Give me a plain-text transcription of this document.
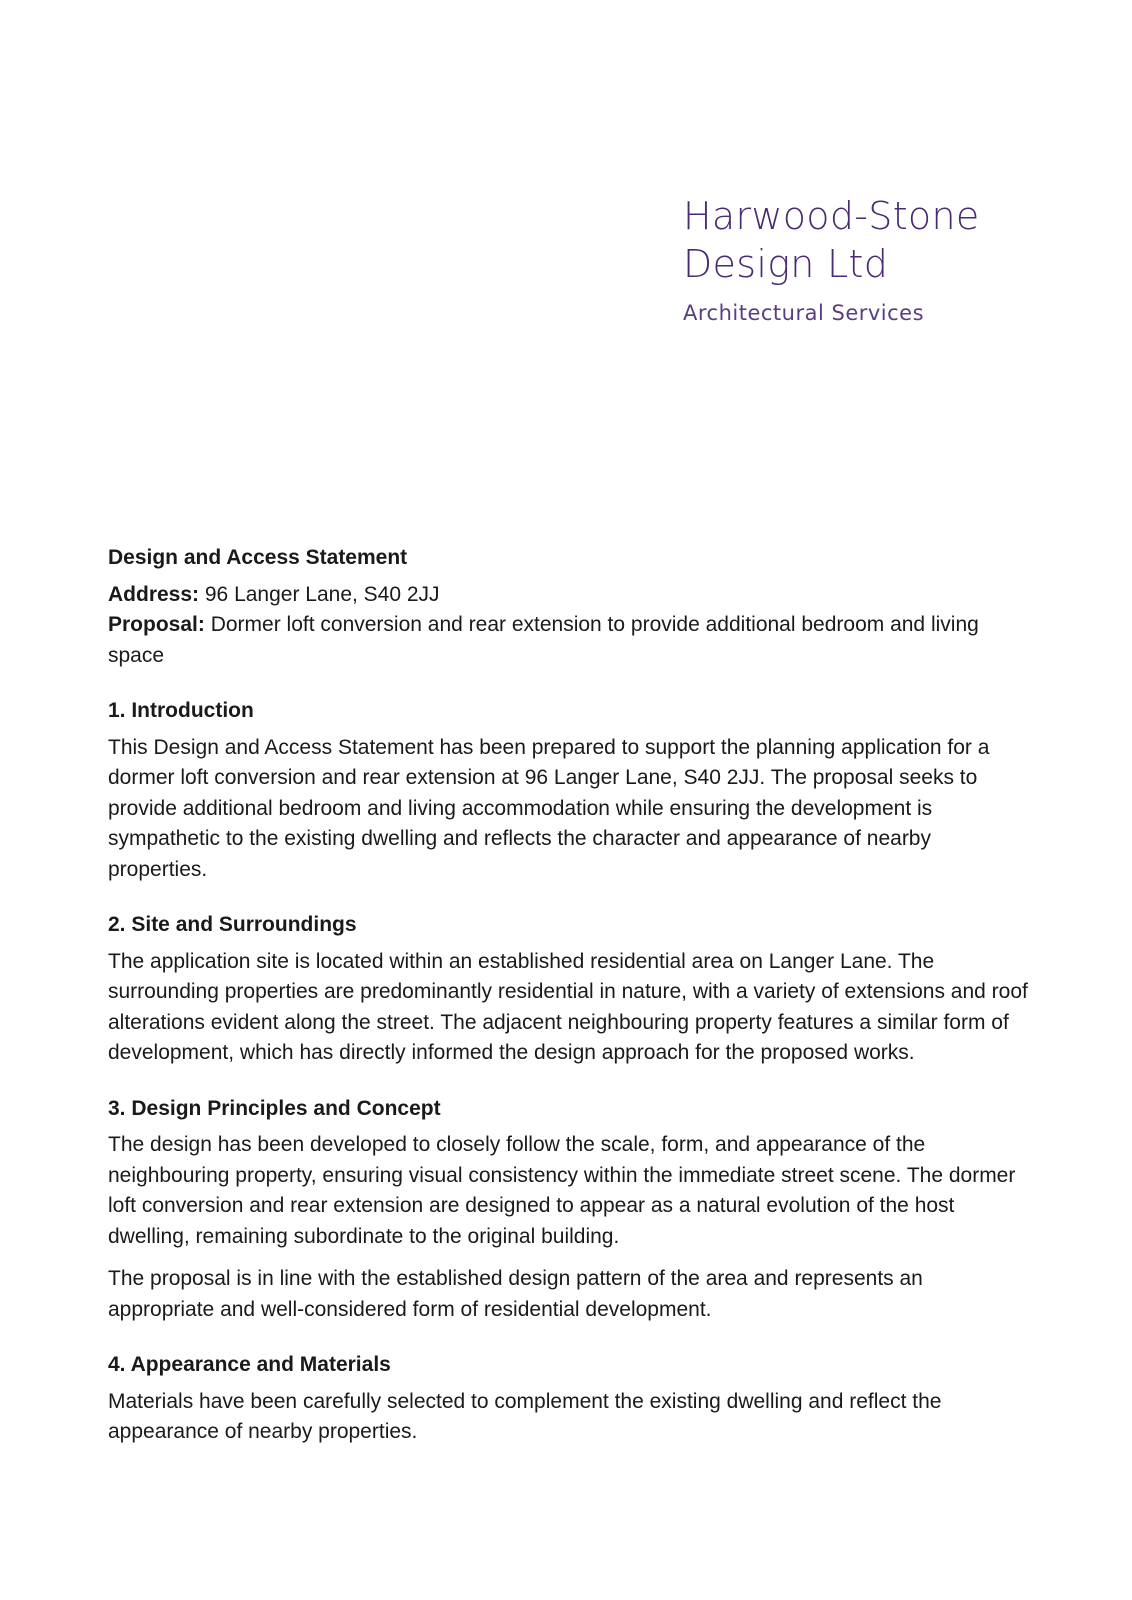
Harwood-Stone
Design Ltd
Architectural Services

Design and Access Statement

Address: 96 Langer Lane, S40 2JJ

Proposal: Dormer loft conversion and rear extension to provide additional bedroom and living space

1. Introduction

This Design and Access Statement has been prepared to support the planning application for a dormer loft conversion and rear extension at 96 Langer Lane, S40 2JJ. The proposal seeks to provide additional bedroom and living accommodation while ensuring the development is sympathetic to the existing dwelling and reflects the character and appearance of nearby properties.

2. Site and Surroundings

The application site is located within an established residential area on Langer Lane. The surrounding properties are predominantly residential in nature, with a variety of extensions and roof alterations evident along the street. The adjacent neighbouring property features a similar form of development, which has directly informed the design approach for the proposed works.

3. Design Principles and Concept

The design has been developed to closely follow the scale, form, and appearance of the neighbouring property, ensuring visual consistency within the immediate street scene. The dormer loft conversion and rear extension are designed to appear as a natural evolution of the host dwelling, remaining subordinate to the original building.

The proposal is in line with the established design pattern of the area and represents an appropriate and well-considered form of residential development.

4. Appearance and Materials

Materials have been carefully selected to complement the existing dwelling and reflect the appearance of nearby properties.
